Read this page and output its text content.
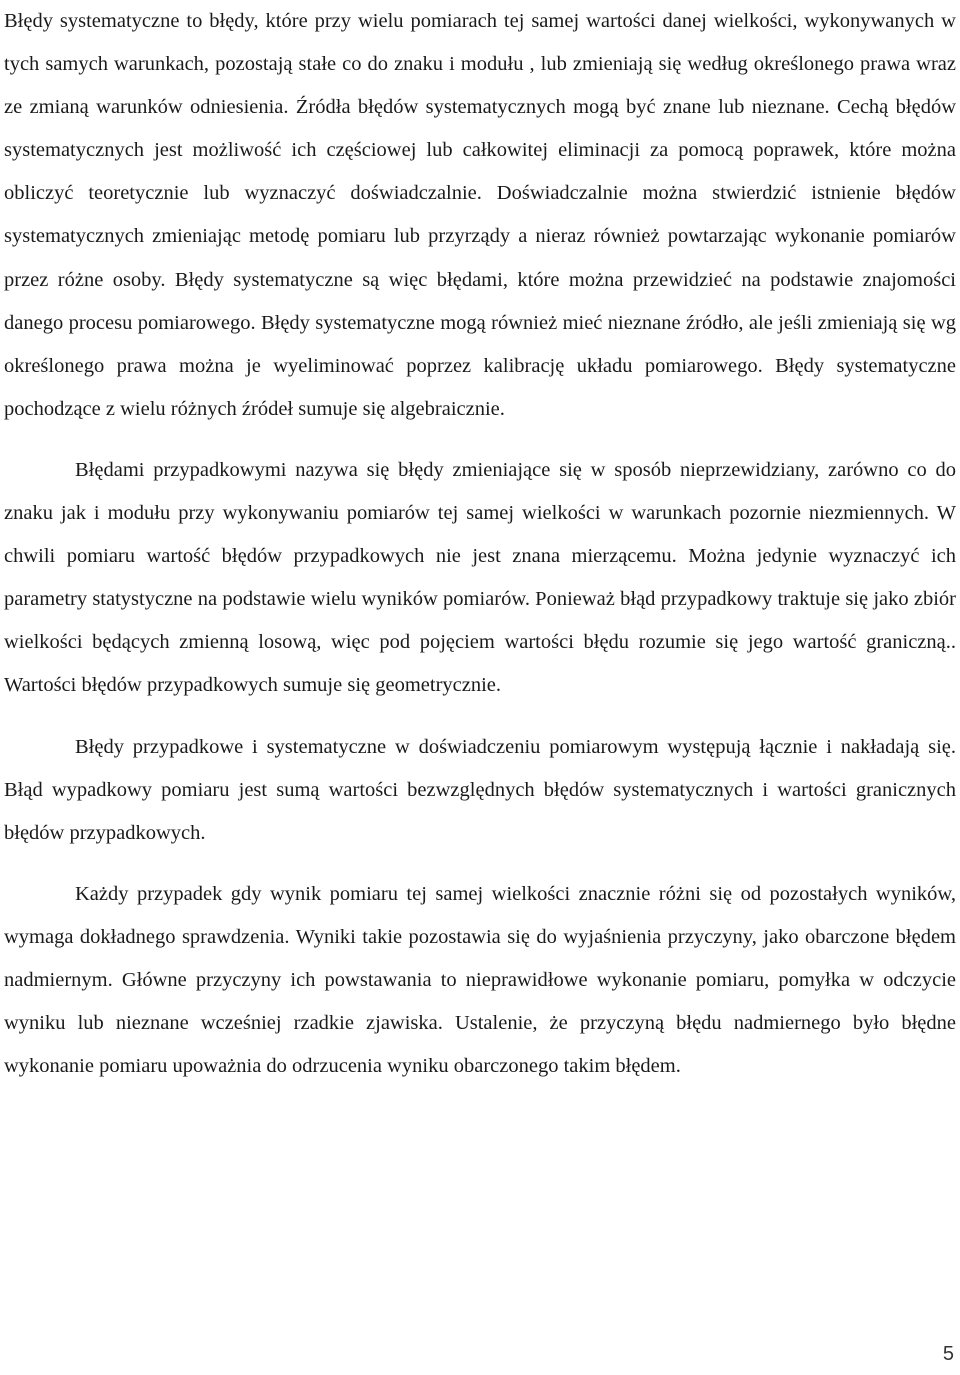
Błędy systematyczne to błędy, które przy wielu pomiarach tej samej wartości danej wielkości, wykonywanych w tych samych warunkach, pozostają stałe co do znaku i modułu , lub zmieniają się według określonego prawa wraz ze zmianą warunków odniesienia. Źródła błędów systematycznych mogą być znane lub nieznane. Cechą błędów systematycznych jest możliwość ich częściowej lub całkowitej eliminacji za pomocą poprawek, które można obliczyć teoretycznie lub wyznaczyć doświadczalnie. Doświadczalnie można stwierdzić istnienie błędów systematycznych zmieniając metodę pomiaru lub przyrządy a nieraz również powtarzając wykonanie pomiarów przez różne osoby. Błędy systematyczne są więc błędami, które można przewidzieć na podstawie znajomości danego procesu pomiarowego. Błędy systematyczne mogą również mieć nieznane źródło, ale jeśli zmieniają się wg określonego prawa można je wyeliminować poprzez kalibrację układu pomiarowego. Błędy systematyczne pochodzące z wielu różnych źródeł sumuje się algebraicznie.

Błędami przypadkowymi nazywa się błędy zmieniające się w sposób nieprzewidziany, zarówno co do znaku jak i modułu przy wykonywaniu pomiarów tej samej wielkości w warunkach pozornie niezmiennych. W chwili pomiaru wartość błędów przypadkowych nie jest znana mierzącemu. Można jedynie wyznaczyć ich parametry statystyczne na podstawie wielu wyników pomiarów. Ponieważ błąd przypadkowy traktuje się jako zbiór wielkości będących zmienną losową, więc pod pojęciem wartości błędu rozumie się jego wartość graniczną.. Wartości błędów przypadkowych sumuje się geometrycznie.

Błędy przypadkowe i systematyczne w doświadczeniu pomiarowym występują łącznie i nakładają się. Błąd wypadkowy pomiaru jest sumą wartości bezwzględnych błędów systematycznych i wartości granicznych błędów przypadkowych.

Każdy przypadek gdy wynik pomiaru tej samej wielkości znacznie różni się od pozostałych wyników, wymaga dokładnego sprawdzenia. Wyniki takie pozostawia się do wyjaśnienia przyczyny, jako obarczone błędem nadmiernym. Główne przyczyny ich powstawania to nieprawidłowe wykonanie pomiaru, pomyłka w odczycie wyniku lub nieznane wcześniej rzadkie zjawiska. Ustalenie, że przyczyną błędu nadmiernego było błędne wykonanie pomiaru upoważnia do odrzucenia wyniku obarczonego takim błędem.

5
